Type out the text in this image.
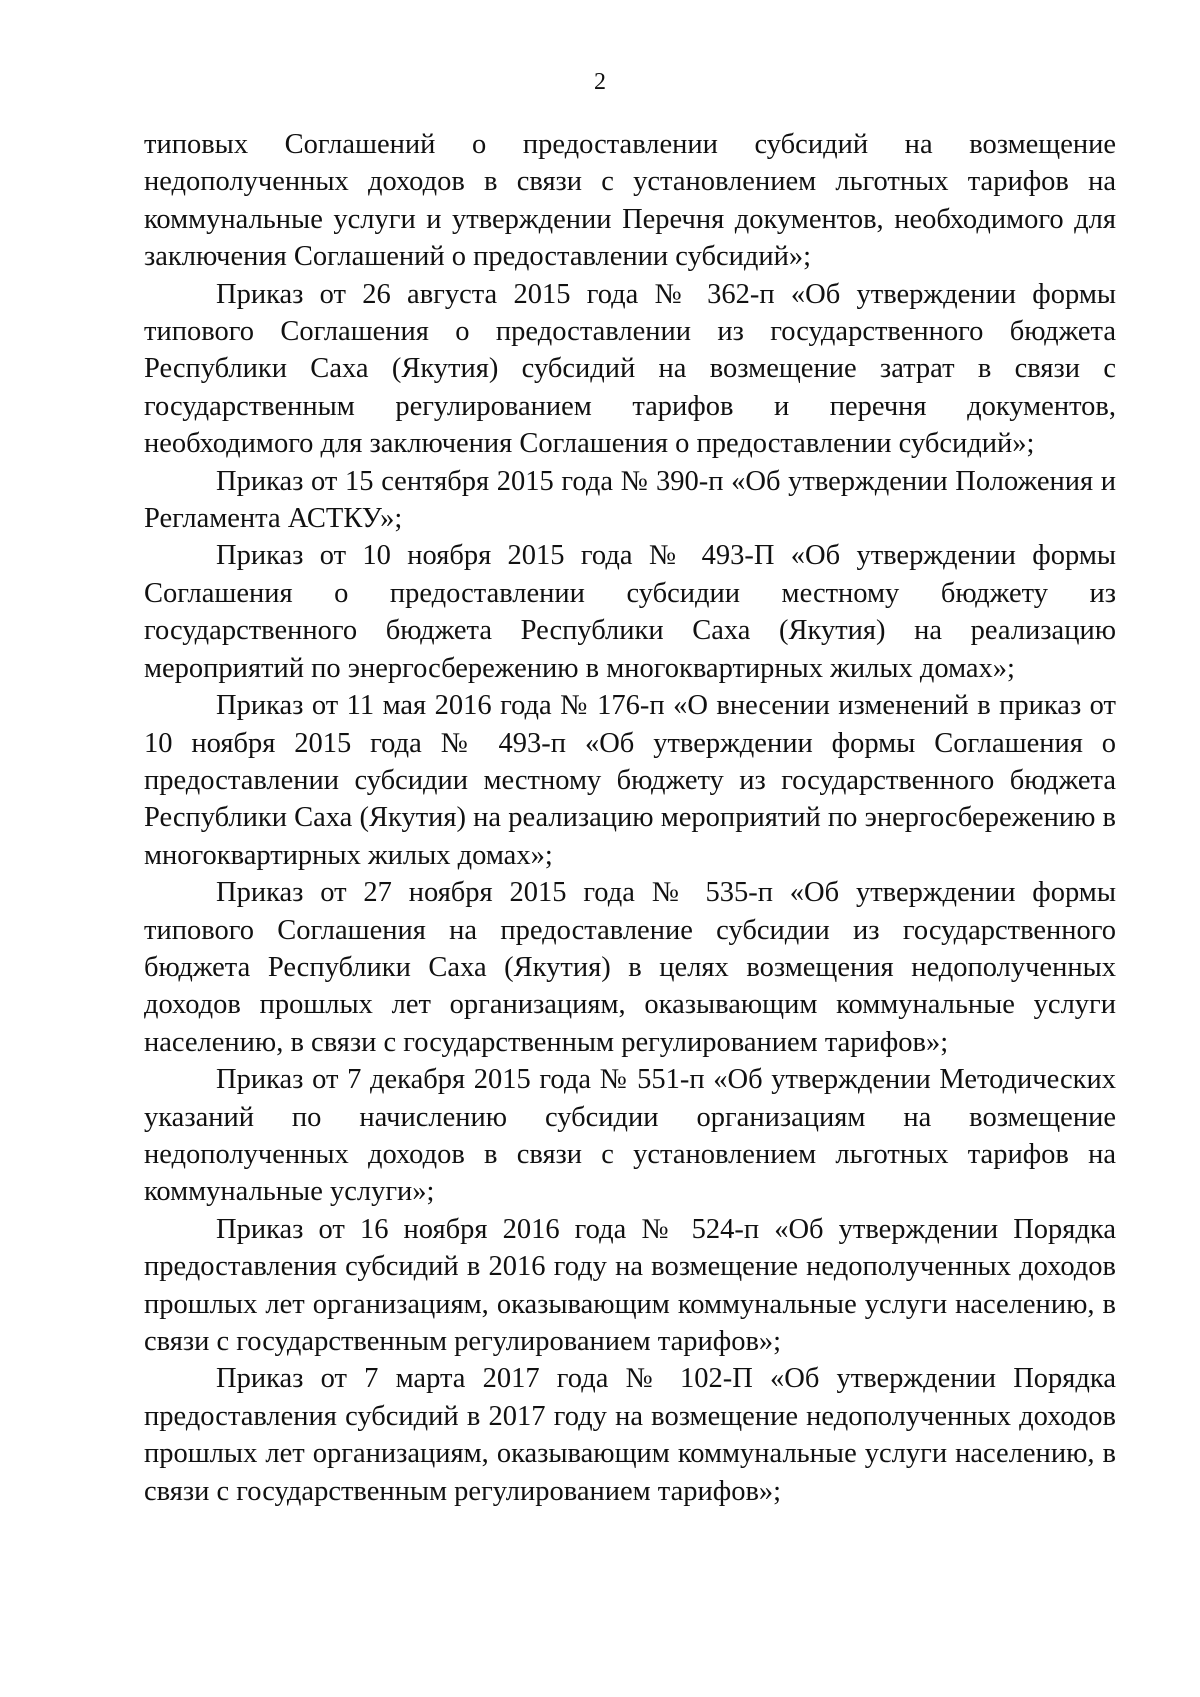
2

типовых Соглашений о предоставлении субсидий на возмещение недополученных доходов в связи с установлением льготных тарифов на коммунальные услуги и утверждении Перечня документов, необходимого для заключения Соглашений о предоставлении субсидий»;

Приказ от 26 августа 2015 года № 362-п «Об утверждении формы типового Соглашения о предоставлении из государственного бюджета Республики Саха (Якутия) субсидий на возмещение затрат в связи с государственным регулированием тарифов и перечня документов, необходимого для заключения Соглашения о предоставлении субсидий»;

Приказ от 15 сентября 2015 года № 390-п «Об утверждении Положения и Регламента АСТКУ»;

Приказ от 10 ноября 2015 года № 493-П «Об утверждении формы Соглашения о предоставлении субсидии местному бюджету из государственного бюджета Республики Саха (Якутия) на реализацию мероприятий по энергосбережению в многоквартирных жилых домах»;

Приказ от 11 мая 2016 года № 176-п «О внесении изменений в приказ от 10 ноября 2015 года № 493-п «Об утверждении формы Соглашения о предоставлении субсидии местному бюджету из государственного бюджета Республики Саха (Якутия) на реализацию мероприятий по энергосбережению в многоквартирных жилых домах»;

Приказ от 27 ноября 2015 года № 535-п «Об утверждении формы типового Соглашения на предоставление субсидии из государственного бюджета Республики Саха (Якутия) в целях возмещения недополученных доходов прошлых лет организациям, оказывающим коммунальные услуги населению, в связи с государственным регулированием тарифов»;

Приказ от 7 декабря 2015 года № 551-п «Об утверждении Методических указаний по начислению субсидии организациям на возмещение недополученных доходов в связи с установлением льготных тарифов на коммунальные услуги»;

Приказ от 16 ноября 2016 года № 524-п «Об утверждении Порядка предоставления субсидий в 2016 году на возмещение недополученных доходов прошлых лет организациям, оказывающим коммунальные услуги населению, в связи с государственным регулированием тарифов»;

Приказ от 7 марта 2017 года № 102-П «Об утверждении Порядка предоставления субсидий в 2017 году на возмещение недополученных доходов прошлых лет организациям, оказывающим коммунальные услуги населению, в связи с государственным регулированием тарифов»;
